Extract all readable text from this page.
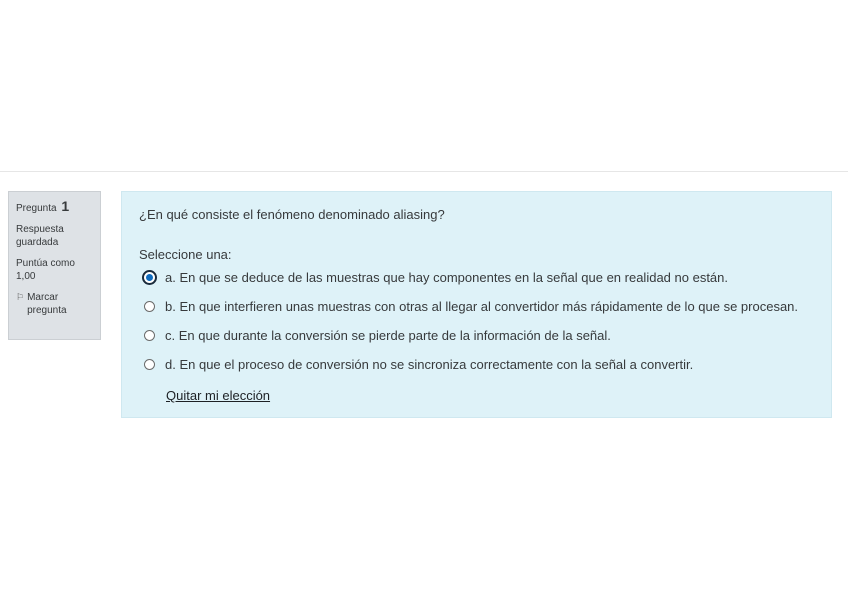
Pregunta 1
Respuesta guardada
Puntúa como 1,00
⚐ Marcar pregunta
¿En qué consiste el fenómeno denominado aliasing?
Seleccione una:
a. En que se deduce de las muestras que hay componentes en la señal que en realidad no están.
b. En que interfieren unas muestras con otras al llegar al convertidor más rápidamente de lo que se procesan.
c. En que durante la conversión se pierde parte de la información de la señal.
d. En que el proceso de conversión no se sincroniza correctamente con la señal a convertir.
Quitar mi elección
